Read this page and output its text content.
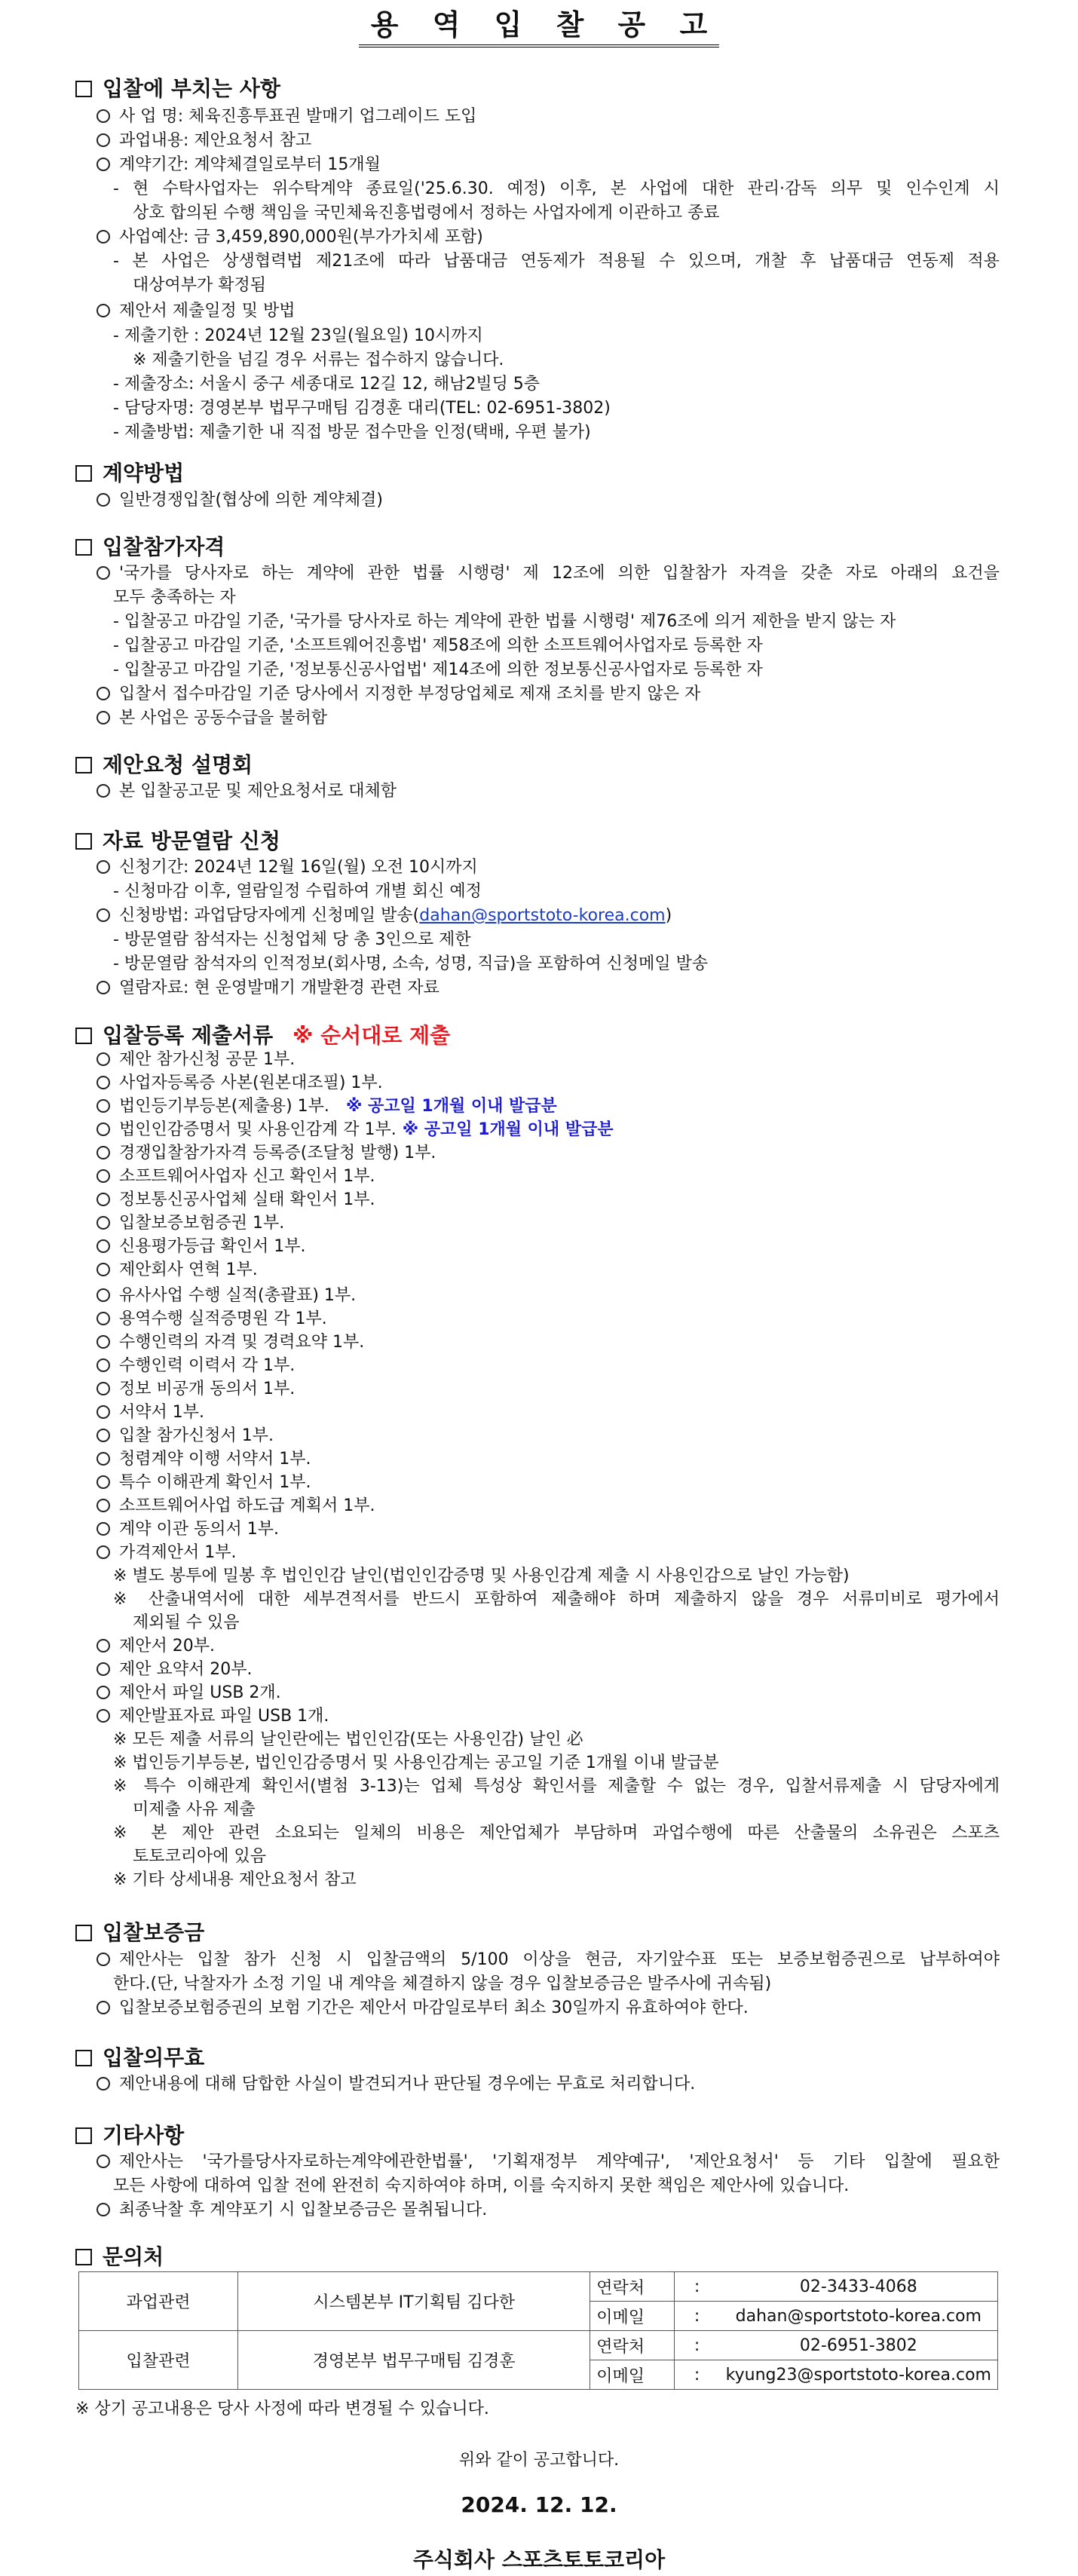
용 역 입 찰 공 고
입찰에 부치는 사항
사 업 명: 체육진흥투표권 발매기 업그레이드 도입
과업내용: 제안요청서 참고
계약기간: 계약체결일로부터 15개월
- 현 수탁사업자는 위수탁계약 종료일('25.6.30. 예정) 이후, 본 사업에 대한 관리·감독 의무 및 인수인계 시
상호 합의된 수행 책임을 국민체육진흥법령에서 정하는 사업자에게 이관하고 종료
사업예산: 금 3,459,890,000원(부가가치세 포함)
- 본 사업은 상생협력법 제21조에 따라 납품대금 연동제가 적용될 수 있으며, 개찰 후 납품대금 연동제 적용
대상여부가 확정됨
제안서 제출일정 및 방법
- 제출기한 : 2024년 12월 23일(월요일) 10시까지
※ 제출기한을 넘길 경우 서류는 접수하지 않습니다.
- 제출장소: 서울시 중구 세종대로 12길 12, 해남2빌딩 5층
- 담당자명: 경영본부 법무구매팀 김경훈 대리(TEL: 02-6951-3802)
- 제출방법: 제출기한 내 직접 방문 접수만을 인정(택배, 우편 불가)
계약방법
일반경쟁입찰(협상에 의한 계약체결)
입찰참가자격
'국가를 당사자로 하는 계약에 관한 법률 시행령' 제 12조에 의한 입찰참가 자격을 갖춘 자로 아래의 요건을
모두 충족하는 자
- 입찰공고 마감일 기준, '국가를 당사자로 하는 계약에 관한 법률 시행령' 제76조에 의거 제한을 받지 않는 자
- 입찰공고 마감일 기준, '소프트웨어진흥법' 제58조에 의한 소프트웨어사업자로 등록한 자
- 입찰공고 마감일 기준, '정보통신공사업법' 제14조에 의한 정보통신공사업자로 등록한 자
입찰서 접수마감일 기준 당사에서 지정한 부정당업체로 제재 조치를 받지 않은 자
본 사업은 공동수급을 불허함
제안요청 설명회
본 입찰공고문 및 제안요청서로 대체함
자료 방문열람 신청
신청기간: 2024년 12월 16일(월) 오전 10시까지
- 신청마감 이후, 열람일정 수립하여 개별 회신 예정
신청방법: 과업담당자에게 신청메일 발송(dahan@sportstoto-korea.com)
- 방문열람 참석자는 신청업체 당 총 3인으로 제한
- 방문열람 참석자의 인적정보(회사명, 소속, 성명, 직급)을 포함하여 신청메일 발송
열람자료: 현 운영발매기 개발환경 관련 자료
입찰등록 제출서류 ※ 순서대로 제출
제안 참가신청 공문 1부.
사업자등록증 사본(원본대조필) 1부.
법인등기부등본(제출용) 1부. ※ 공고일 1개월 이내 발급분
법인인감증명서 및 사용인감계 각 1부. ※ 공고일 1개월 이내 발급분
경쟁입찰참가자격 등록증(조달청 발행) 1부.
소프트웨어사업자 신고 확인서 1부.
정보통신공사업체 실태 확인서 1부.
입찰보증보험증권 1부.
신용평가등급 확인서 1부.
제안회사 연혁 1부.
유사사업 수행 실적(총괄표) 1부.
용역수행 실적증명원 각 1부.
수행인력의 자격 및 경력요약 1부.
수행인력 이력서 각 1부.
정보 비공개 동의서 1부.
서약서 1부.
입찰 참가신청서 1부.
청렴계약 이행 서약서 1부.
특수 이해관계 확인서 1부.
소프트웨어사업 하도급 계획서 1부.
계약 이관 동의서 1부.
가격제안서 1부.
※ 별도 봉투에 밀봉 후 법인인감 날인(법인인감증명 및 사용인감계 제출 시 사용인감으로 날인 가능함)
※ 산출내역서에 대한 세부견적서를 반드시 포함하여 제출해야 하며 제출하지 않을 경우 서류미비로 평가에서
제외될 수 있음
제안서 20부.
제안 요약서 20부.
제안서 파일 USB 2개.
제안발표자료 파일 USB 1개.
※ 모든 제출 서류의 날인란에는 법인인감(또는 사용인감) 날인 必
※ 법인등기부등본, 법인인감증명서 및 사용인감계는 공고일 기준 1개월 이내 발급분
※ 특수 이해관계 확인서(별첨 3-13)는 업체 특성상 확인서를 제출할 수 없는 경우, 입찰서류제출 시 담당자에게
미제출 사유 제출
※ 본 제안 관련 소요되는 일체의 비용은 제안업체가 부담하며 과업수행에 따른 산출물의 소유권은 스포츠
토토코리아에 있음
※ 기타 상세내용 제안요청서 참고
입찰보증금
제안사는 입찰 참가 신청 시 입찰금액의 5/100 이상을 현금, 자기앞수표 또는 보증보험증권으로 납부하여야
한다.(단, 낙찰자가 소정 기일 내 계약을 체결하지 않을 경우 입찰보증금은 발주사에 귀속됨)
입찰보증보험증권의 보험 기간은 제안서 마감일로부터 최소 30일까지 유효하여야 한다.
입찰의무효
제안내용에 대해 담합한 사실이 발견되거나 판단될 경우에는 무효로 처리합니다.
기타사항
제안사는 '국가를당사자로하는계약에관한법률', '기획재정부 계약예규', '제안요청서' 등 기타 입찰에 필요한
모든 사항에 대하여 입찰 전에 완전히 숙지하여야 하며, 이를 숙지하지 못한 책임은 제안사에 있습니다.
최종낙찰 후 계약포기 시 입찰보증금은 몰취됩니다.
문의처
과업관련	시스템본부 IT기획팀 김다한	연락처	:	02-3433-4068
		이메일	:	dahan@sportstoto-korea.com
입찰관련	경영본부 법무구매팀 김경훈	연락처	:	02-6951-3802
		이메일	:	kyung23@sportstoto-korea.com
※ 상기 공고내용은 당사 사정에 따라 변경될 수 있습니다.
위와 같이 공고합니다.
2024. 12. 12.
주식회사 스포츠토토코리아
